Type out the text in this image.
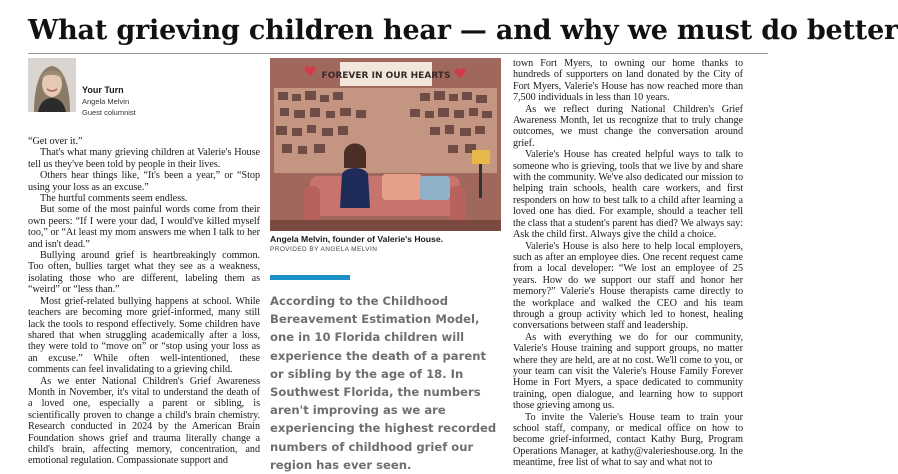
What grieving children hear — and why we must do better
Your Turn
Angela Melvin
Guest columnist

“Get over it.”

That's what many grieving children at Valerie's House tell us they've been told by people in their lives.

Others hear things like, “It's been a year,” or “Stop using your loss as an excuse.”

The hurtful comments seem endless.

But some of the most painful words come from their own peers: “If I were your dad, I would've killed myself too,” or “At least my mom answers me when I talk to her and isn't dead.”

Bullying around grief is heartbreakingly common. Too often, bullies target what they see as a weakness, isolating those who are different, labeling them as “weird” or “less than.”

Most grief-related bullying happens at school. While teachers are becoming more grief-informed, many still lack the tools to respond effectively. Some children have shared that when struggling academically after a loss, they were told to “move on” or “stop using your loss as an excuse.” While often well-intentioned, these comments can feel invalidating to a grieving child.

As we enter National Children's Grief Awareness Month in November, it's vital to understand the death of a loved one, especially a parent or sibling, is scientifically proven to change a child's brain chemistry. Research conducted in 2024 by the American Brain Foundation shows grief and trauma literally change a child's brain, affecting memory, concentration, and emotional regulation. Compassionate support and

FOREVER IN OUR HEARTS
Angela Melvin, founder of Valerie's House.
PROVIDED BY ANGELA MELVIN
According to the Childhood Bereavement Estimation Model, one in 10 Florida children will experience the death of a parent or sibling by the age of 18. In Southwest Florida, the numbers aren't improving as we are experiencing the highest recorded numbers of childhood grief our region has ever seen.

town Fort Myers, to owning our home thanks to hundreds of supporters on land donated by the City of Fort Myers, Valerie's House has now reached more than 7,500 individuals in less than 10 years.

As we reflect during National Children's Grief Awareness Month, let us recognize that to truly change outcomes, we must change the conversation around grief.

Valerie's House has created helpful ways to talk to someone who is grieving, tools that we live by and share with the community. We've also dedicated our mission to helping train schools, health care workers, and first responders on how to best talk to a child after learning a loved one has died. For example, should a teacher tell the class that a student's parent has died? We always say: Ask the child first. Always give the child a choice.

Valerie's House is also here to help local employers, such as after an employee dies. One recent request came from a local developer: “We lost an employee of 25 years. How do we support our staff and honor her memory?” Valerie's House therapists came directly to the workplace and walked the CEO and his team through a group activity which led to honest, healing conversations between staff and leadership.

As with everything we do for our community, Valerie's House training and support groups, no matter where they are held, are at no cost. We'll come to you, or your team can visit the Valerie's House Family Forever Home in Fort Myers, a space dedicated to community training, open dialogue, and learning how to support those grieving among us.

To invite the Valerie's House team to train your school staff, company, or medical office on how to become grief-informed, contact Kathy Burg, Program Operations Manager, at kathy@valerieshouse.org. In the meantime, free list of what to say and what not to
